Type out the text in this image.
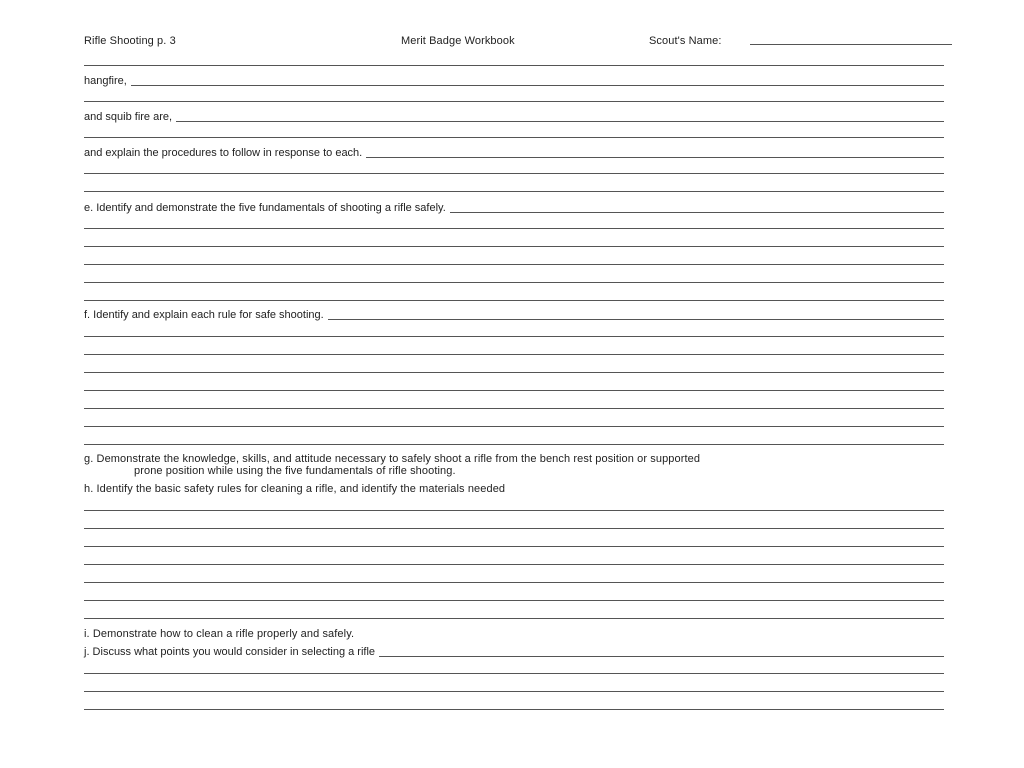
Rifle Shooting p. 3	Merit Badge Workbook	Scout's Name:
hangfire,
and squib fire are,
and explain the procedures to follow in response to each.
e. Identify and demonstrate the five fundamentals of shooting a rifle safely.
f. Identify and explain each rule for safe shooting.
g. Demonstrate the knowledge, skills, and attitude necessary to safely shoot a rifle from the bench rest position or supported
prone position while using the five fundamentals of rifle shooting.
h. Identify the basic safety rules for cleaning a rifle, and identify the materials needed
i. Demonstrate how to clean a rifle properly and safely.
j. Discuss what points you would consider in selecting a rifle
